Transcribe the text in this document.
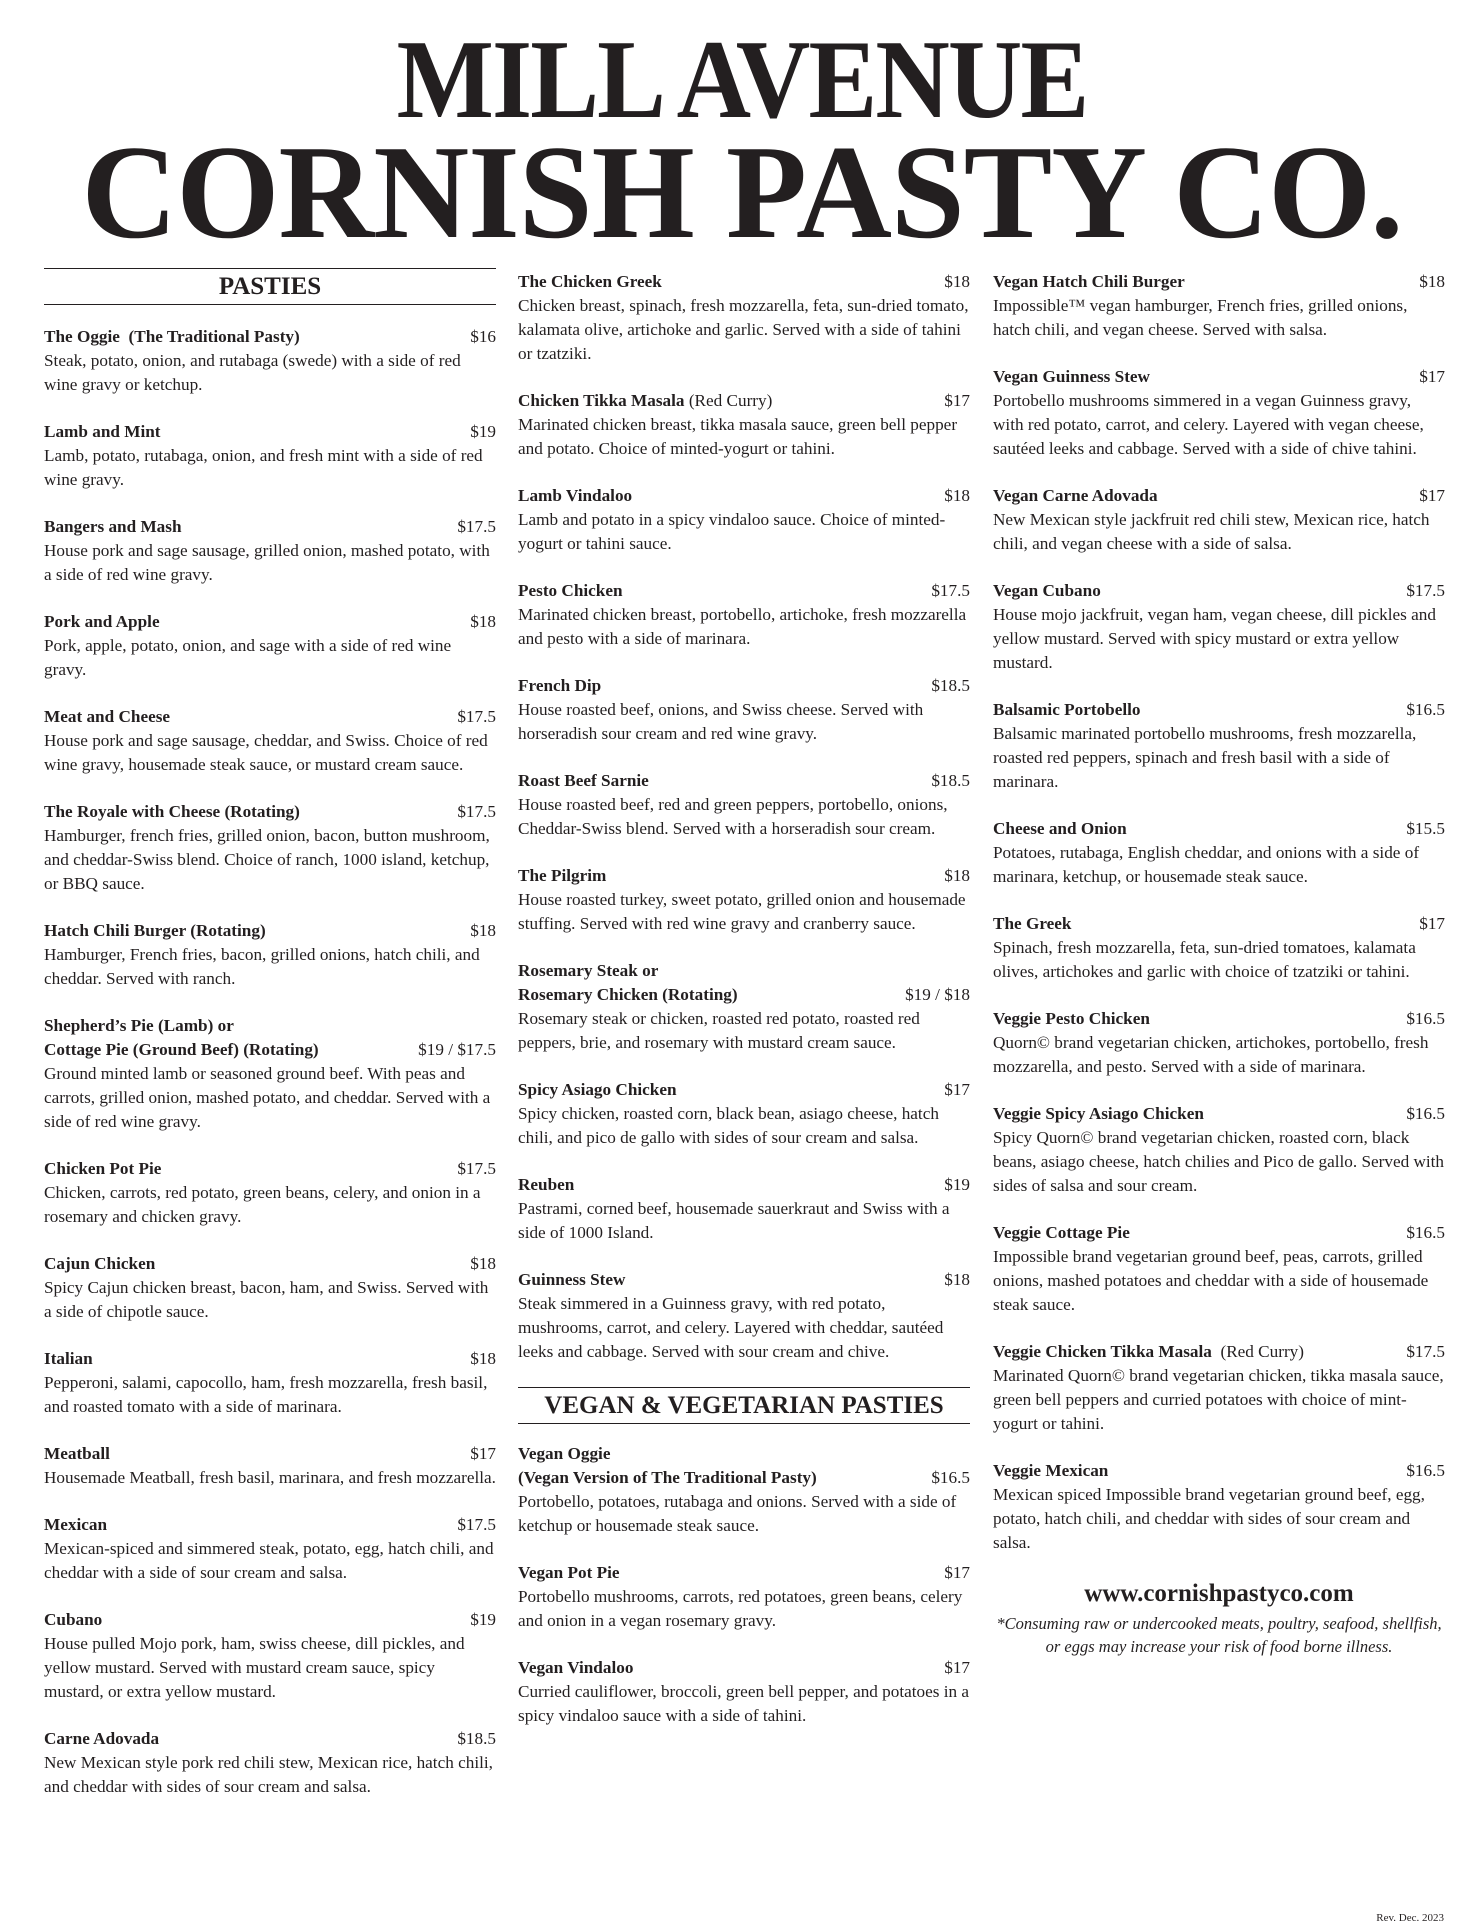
MILL AVENUE
CORNISH PASTY CO.
PASTIES
The Oggie  (The Traditional Pasty)	$16
Steak, potato, onion, and rutabaga (swede) with a side of red wine gravy or ketchup.
Lamb and Mint	$19
Lamb, potato, rutabaga, onion, and fresh mint with a side of red wine gravy.
Bangers and Mash	$17.5
House pork and sage sausage, grilled onion, mashed potato, with a side of red wine gravy.
Pork and Apple	$18
Pork, apple, potato, onion, and sage with a side of red wine gravy.
Meat and Cheese	$17.5
House pork and sage sausage, cheddar, and Swiss. Choice of red wine gravy, housemade steak sauce, or mustard cream sauce.
The Royale with Cheese (Rotating)	$17.5
Hamburger, french fries, grilled onion, bacon, button mushroom, and cheddar-Swiss blend. Choice of ranch, 1000 island, ketchup, or BBQ sauce.
Hatch Chili Burger (Rotating)	$18
Hamburger, French fries, bacon, grilled onions, hatch chili, and cheddar. Served with ranch.
Shepherd’s Pie (Lamb) or
Cottage Pie (Ground Beef) (Rotating)	$19 / $17.5
Ground minted lamb or seasoned ground beef. With peas and carrots, grilled onion, mashed potato, and cheddar. Served with a side of red wine gravy.
Chicken Pot Pie	$17.5
Chicken, carrots, red potato, green beans, celery, and onion in a rosemary and chicken gravy.
Cajun Chicken	$18
Spicy Cajun chicken breast, bacon, ham, and Swiss. Served with a side of chipotle sauce.
Italian	$18
Pepperoni, salami, capocollo, ham, fresh mozzarella, fresh basil, and roasted tomato with a side of marinara.
Meatball	$17
Housemade Meatball, fresh basil, marinara, and fresh mozzarella.
Mexican	$17.5
Mexican-spiced and simmered steak, potato, egg, hatch chili, and cheddar with a side of sour cream and salsa.
Cubano	$19
House pulled Mojo pork, ham, swiss cheese, dill pickles, and yellow mustard. Served with mustard cream sauce, spicy mustard, or extra yellow mustard.
Carne Adovada	$18.5
New Mexican style pork red chili stew, Mexican rice, hatch chili, and cheddar with sides of sour cream and salsa.
The Chicken Greek	$18
Chicken breast, spinach, fresh mozzarella, feta, sun-dried tomato, kalamata olive, artichoke and garlic. Served with a side of tahini or tzatziki.
Chicken Tikka Masala (Red Curry)	$17
Marinated chicken breast, tikka masala sauce, green bell pepper and potato. Choice of minted-yogurt or tahini.
Lamb Vindaloo	$18
Lamb and potato in a spicy vindaloo sauce. Choice of minted-yogurt or tahini sauce.
Pesto Chicken	$17.5
Marinated chicken breast, portobello, artichoke, fresh mozzarella and pesto with a side of marinara.
French Dip	$18.5
House roasted beef, onions, and Swiss cheese. Served with horseradish sour cream and red wine gravy.
Roast Beef Sarnie	$18.5
House roasted beef, red and green peppers, portobello, onions, Cheddar-Swiss blend. Served with a horseradish sour cream.
The Pilgrim	$18
House roasted turkey, sweet potato, grilled onion and housemade stuffing. Served with red wine gravy and cranberry sauce.
Rosemary Steak or
Rosemary Chicken (Rotating)	$19 / $18
Rosemary steak or chicken, roasted red potato, roasted red peppers, brie, and rosemary with mustard cream sauce.
Spicy Asiago Chicken	$17
Spicy chicken, roasted corn, black bean, asiago cheese, hatch chili, and pico de gallo with sides of sour cream and salsa.
Reuben	$19
Pastrami, corned beef, housemade sauerkraut and Swiss with a side of 1000 Island.
Guinness Stew	$18
Steak simmered in a Guinness gravy, with red potato, mushrooms, carrot, and celery. Layered with cheddar, sautéed leeks and cabbage. Served with sour cream and chive.
VEGAN & VEGETARIAN PASTIES
Vegan Oggie
(Vegan Version of The Traditional Pasty)	$16.5
Portobello, potatoes, rutabaga and onions. Served with a side of ketchup or housemade steak sauce.
Vegan Pot Pie	$17
Portobello mushrooms, carrots, red potatoes, green beans, celery and onion in a vegan rosemary gravy.
Vegan Vindaloo	$17
Curried cauliflower, broccoli, green bell pepper, and potatoes in a spicy vindaloo sauce with a side of tahini.
Vegan Hatch Chili Burger	$18
Impossible™ vegan hamburger, French fries, grilled onions, hatch chili, and vegan cheese. Served with salsa.
Vegan Guinness Stew	$17
Portobello mushrooms simmered in a vegan Guinness gravy, with red potato, carrot, and celery. Layered with vegan cheese, sautéed leeks and cabbage. Served with a side of chive tahini.
Vegan Carne Adovada	$17
New Mexican style jackfruit red chili stew, Mexican rice, hatch chili, and vegan cheese with a side of salsa.
Vegan Cubano	$17.5
House mojo jackfruit, vegan ham, vegan cheese, dill pickles and yellow mustard. Served with spicy mustard or extra yellow mustard.
Balsamic Portobello	$16.5
Balsamic marinated portobello mushrooms, fresh mozzarella, roasted red peppers, spinach and fresh basil with a side of marinara.
Cheese and Onion	$15.5
Potatoes, rutabaga, English cheddar, and onions with a side of marinara, ketchup, or housemade steak sauce.
The Greek	$17
Spinach, fresh mozzarella, feta, sun-dried tomatoes, kalamata olives, artichokes and garlic with choice of tzatziki or tahini.
Veggie Pesto Chicken	$16.5
Quorn© brand vegetarian chicken, artichokes, portobello, fresh mozzarella, and pesto. Served with a side of marinara.
Veggie Spicy Asiago Chicken	$16.5
Spicy Quorn© brand vegetarian chicken, roasted corn, black beans, asiago cheese, hatch chilies and Pico de gallo. Served with sides of salsa and sour cream.
Veggie Cottage Pie	$16.5
Impossible brand vegetarian ground beef, peas, carrots, grilled onions, mashed potatoes and cheddar with a side of housemade steak sauce.
Veggie Chicken Tikka Masala  (Red Curry)	$17.5
Marinated Quorn© brand vegetarian chicken, tikka masala sauce, green bell peppers and curried potatoes with choice of mint-yogurt or tahini.
Veggie Mexican	$16.5
Mexican spiced Impossible brand vegetarian ground beef, egg, potato, hatch chili, and cheddar with sides of sour cream and salsa.
www.cornishpastyco.com
*Consuming raw or undercooked meats, poultry, seafood, shellfish, or eggs may increase your risk of food borne illness.
Rev. Dec. 2023
